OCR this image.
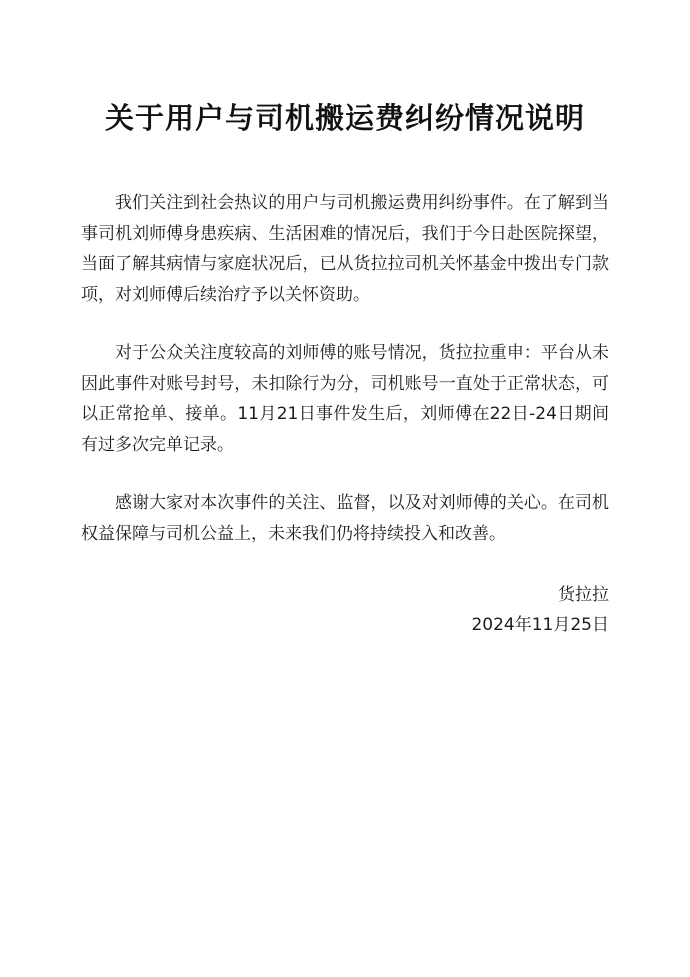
关于用户与司机搬运费纠纷情况说明

我们关注到社会热议的用户与司机搬运费用纠纷事件。在了解到当事司机刘师傅身患疾病、生活困难的情况后，我们于今日赴医院探望，当面了解其病情与家庭状况后，已从货拉拉司机关怀基金中拨出专门款项，对刘师傅后续治疗予以关怀资助。

对于公众关注度较高的刘师傅的账号情况，货拉拉重申：平台从未因此事件对账号封号，未扣除行为分，司机账号一直处于正常状态，可以正常抢单、接单。11月21日事件发生后，刘师傅在22日-24日期间有过多次完单记录。

感谢大家对本次事件的关注、监督，以及对刘师傅的关心。在司机权益保障与司机公益上，未来我们仍将持续投入和改善。

货拉拉
2024年11月25日
